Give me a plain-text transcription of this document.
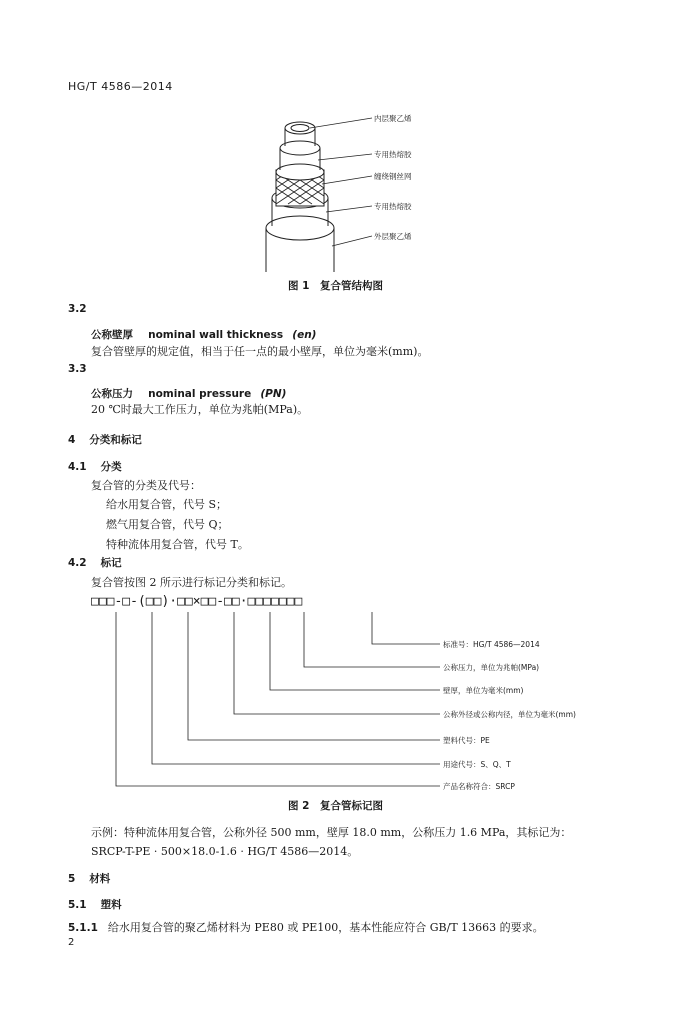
HG/T 4586—2014
内层聚乙烯
专用热熔胶
缠绕钢丝网
专用热熔胶
外层聚乙烯
图 1　复合管结构图
3.2
公称壁厚 nominal wall thickness (en)
复合管壁厚的规定值，相当于任一点的最小壁厚，单位为毫米(mm)。
3.3
公称压力 nominal pressure (PN)
20 ℃时最大工作压力，单位为兆帕(MPa)。
4 分类和标记
4.1 分类
复合管的分类及代号：
给水用复合管，代号 S；
燃气用复合管，代号 Q；
特种流体用复合管，代号 T。
4.2 标记
复合管按图 2 所示进行标记分类和标记。
□□□-□-(□□)·□□×□□-□□·□□□□□□□
标准号：HG/T 4586—2014
公称压力，单位为兆帕(MPa)
壁厚，单位为毫米(mm)
公称外径或公称内径，单位为毫米(mm)
塑料代号：PE
用途代号：S、Q、T
产品名称符合：SRCP
图 2　复合管标记图
示例：特种流体用复合管，公称外径 500 mm，壁厚 18.0 mm，公称压力 1.6 MPa，其标记为：
SRCP-T-PE · 500×18.0-1.6 · HG/T 4586—2014。
5 材料
5.1 塑料
5.1.1 给水用复合管的聚乙烯材料为 PE80 或 PE100，基本性能应符合 GB/T 13663 的要求。
2
